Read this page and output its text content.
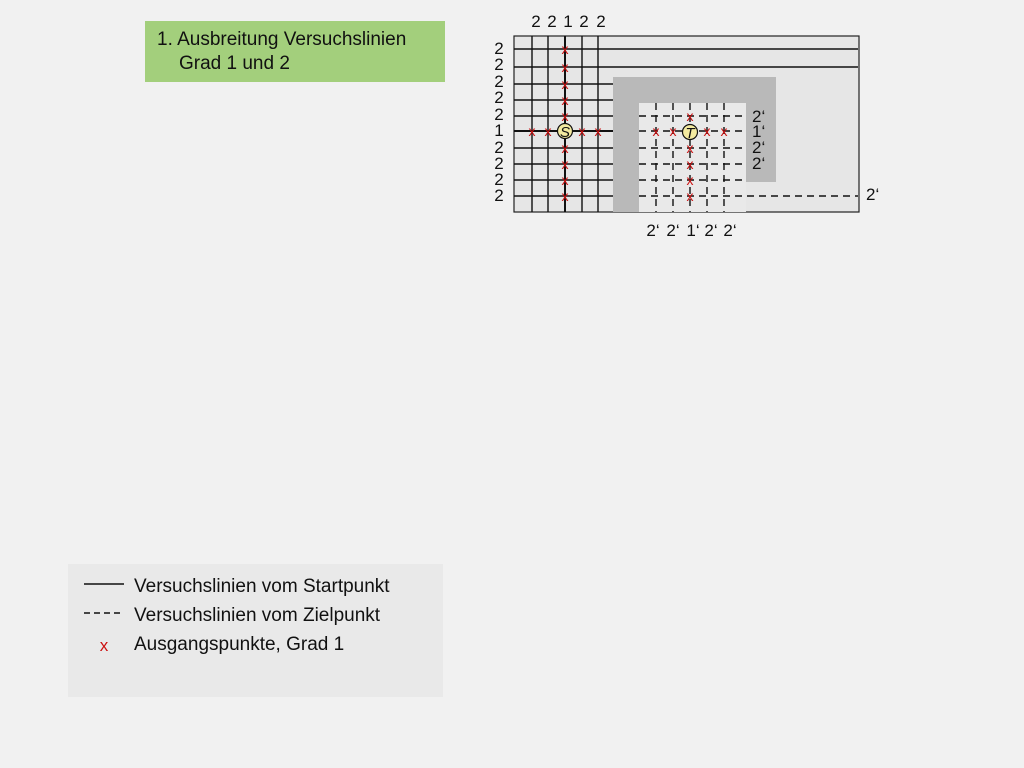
1. Ausbreitung Versuchslinien
Grad 1 und 2
x
x
x
x
x
x
x
x
x
x x x x
x
x
x
x
x
x x x x
S	T
2 2 1 2 2
2
2
2
2
2
1
2
2
2
2
2‘
1‘
2‘
2‘
2‘
2‘ 2‘ 1‘ 2‘ 2‘
Versuchslinien vom Startpunkt
Versuchslinien vom Zielpunkt
x Ausgangspunkte, Grad 1
